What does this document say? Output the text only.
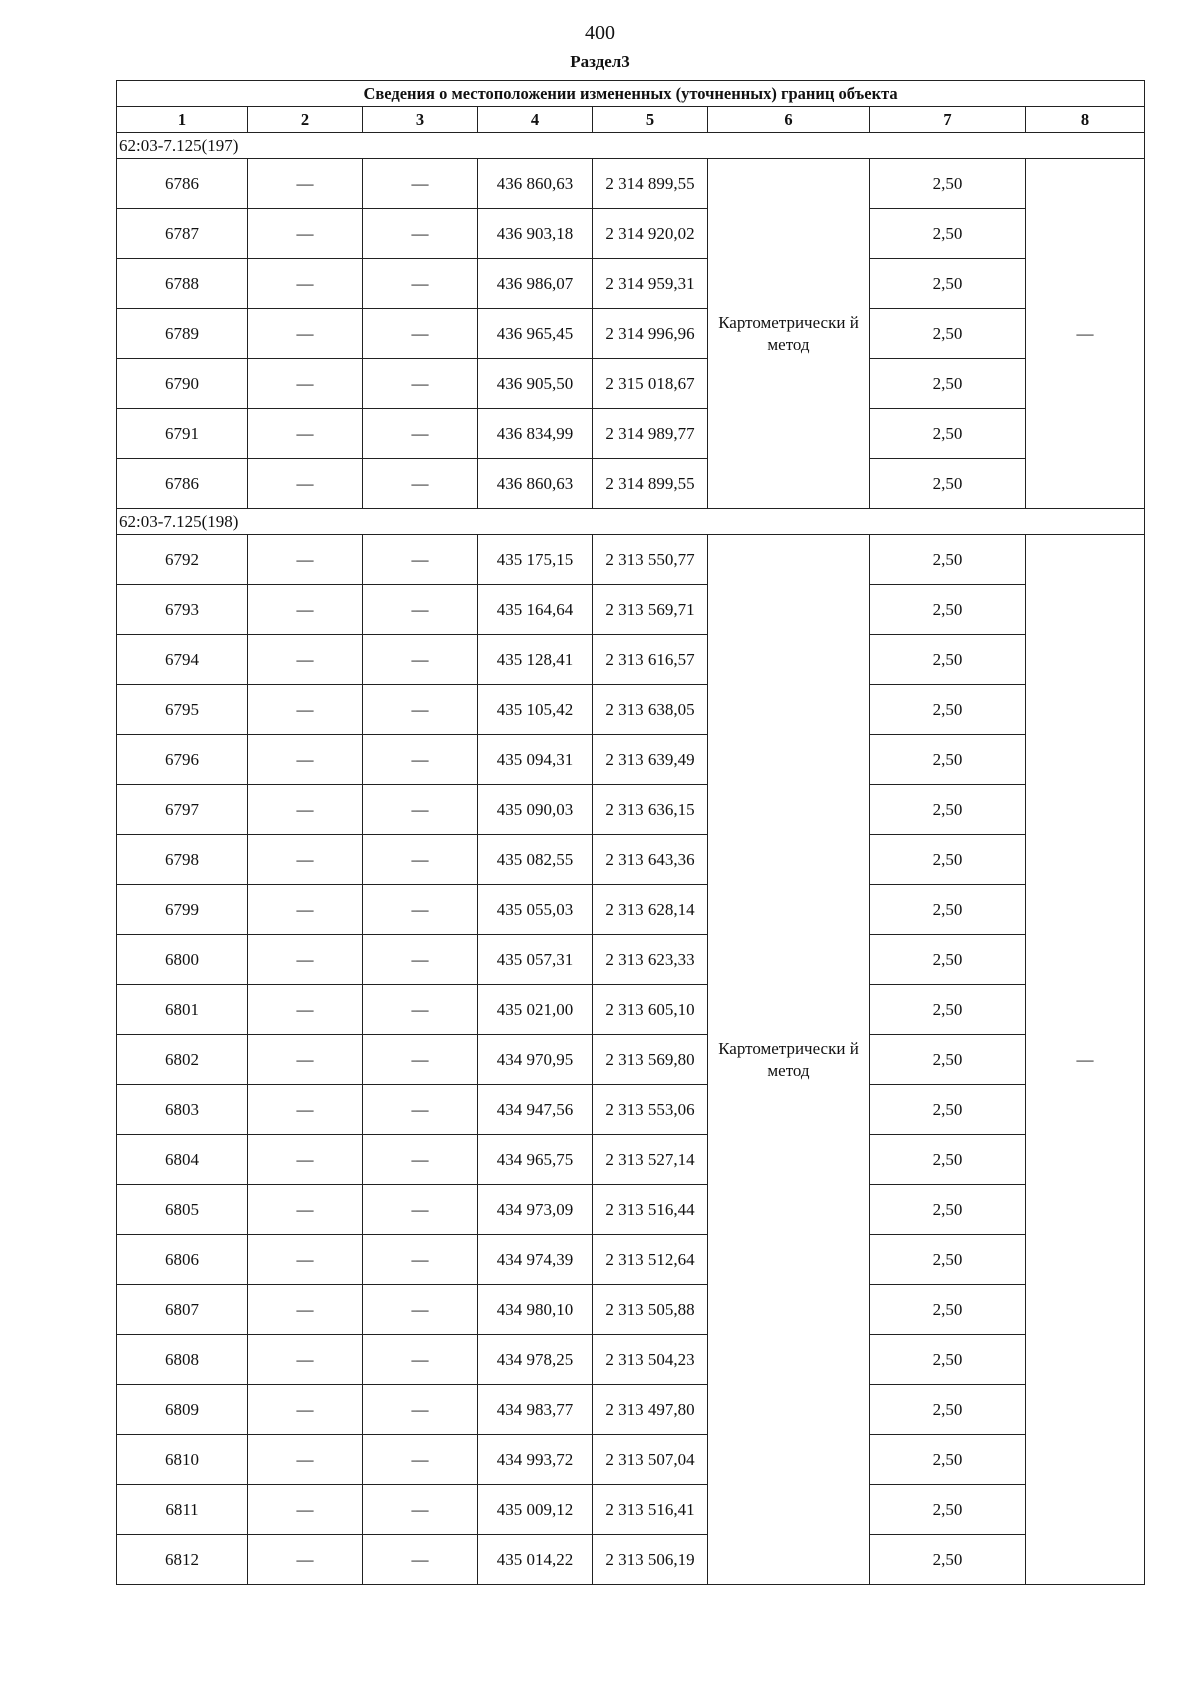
400
Раздел3
Сведения о местоположении измененных (уточненных) границ объекта							
1	2	3	4	5	6	7	8
62:03-7.125(197)							
6786	—	—	436 860,63	2 314 899,55	Картометрически й метод	2,50	—
6787	—	—	436 903,18	2 314 920,02		2,50	
6788	—	—	436 986,07	2 314 959,31		2,50	
6789	—	—	436 965,45	2 314 996,96		2,50	
6790	—	—	436 905,50	2 315 018,67		2,50	
6791	—	—	436 834,99	2 314 989,77		2,50	
6786	—	—	436 860,63	2 314 899,55		2,50	
62:03-7.125(198)							
6792	—	—	435 175,15	2 313 550,77	Картометрически й метод	2,50	—
6793	—	—	435 164,64	2 313 569,71		2,50	
6794	—	—	435 128,41	2 313 616,57		2,50	
6795	—	—	435 105,42	2 313 638,05		2,50	
6796	—	—	435 094,31	2 313 639,49		2,50	
6797	—	—	435 090,03	2 313 636,15		2,50	
6798	—	—	435 082,55	2 313 643,36		2,50	
6799	—	—	435 055,03	2 313 628,14		2,50	
6800	—	—	435 057,31	2 313 623,33		2,50	
6801	—	—	435 021,00	2 313 605,10		2,50	
6802	—	—	434 970,95	2 313 569,80		2,50	
6803	—	—	434 947,56	2 313 553,06		2,50	
6804	—	—	434 965,75	2 313 527,14		2,50	
6805	—	—	434 973,09	2 313 516,44		2,50	
6806	—	—	434 974,39	2 313 512,64		2,50	
6807	—	—	434 980,10	2 313 505,88		2,50	
6808	—	—	434 978,25	2 313 504,23		2,50	
6809	—	—	434 983,77	2 313 497,80		2,50	
6810	—	—	434 993,72	2 313 507,04		2,50	
6811	—	—	435 009,12	2 313 516,41		2,50	
6812	—	—	435 014,22	2 313 506,19		2,50	
